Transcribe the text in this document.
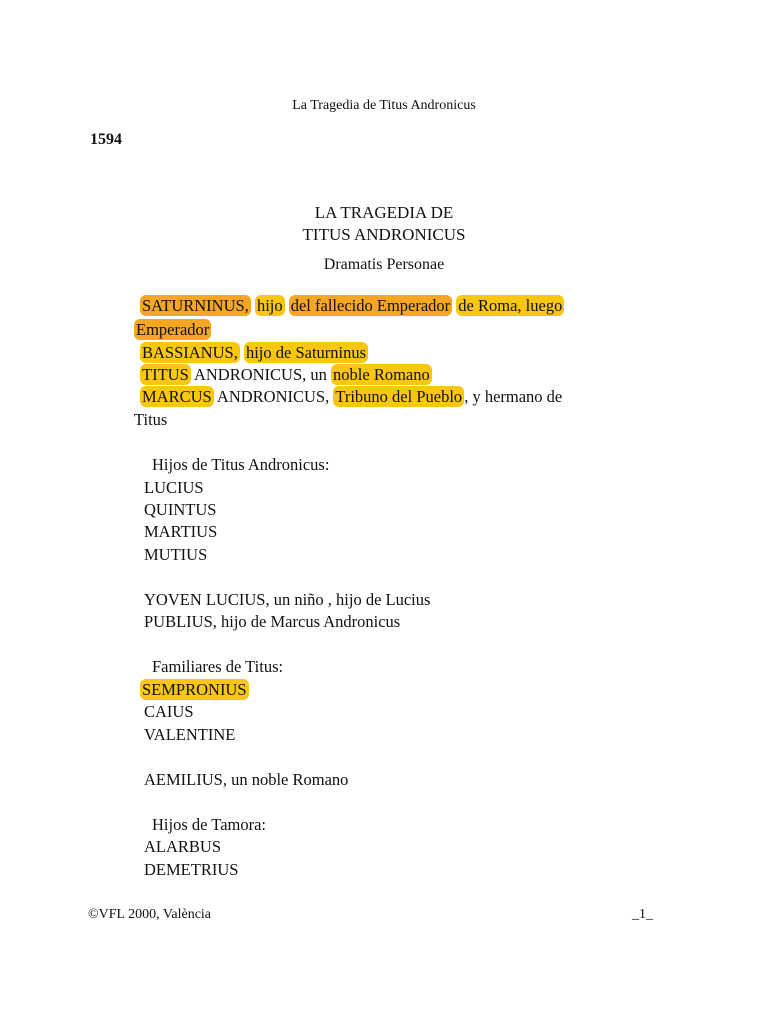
La Tragedia de Titus Andronicus
1594
LA TRAGEDIA DE
TITUS ANDRONICUS
Dramatis Personae
SATURNINUS, hijo del fallecido Emperador de Roma, luego
Emperador
BASSIANUS, hijo de Saturninus
TITUS ANDRONICUS, un noble Romano
MARCUS ANDRONICUS, Tribuno del Pueblo , y hermano de
Titus
Hijos de Titus Andronicus:
LUCIUS
QUINTUS
MARTIUS
MUTIUS
YOVEN LUCIUS, un niño , hijo de Lucius
PUBLIUS, hijo de Marcus Andronicus
Familiares de Titus:
SEMPRONIUS
CAIUS
VALENTINE
AEMILIUS, un noble Romano
Hijos de Tamora:
ALARBUS
DEMETRIUS
©VFL 2000, València	_1_
